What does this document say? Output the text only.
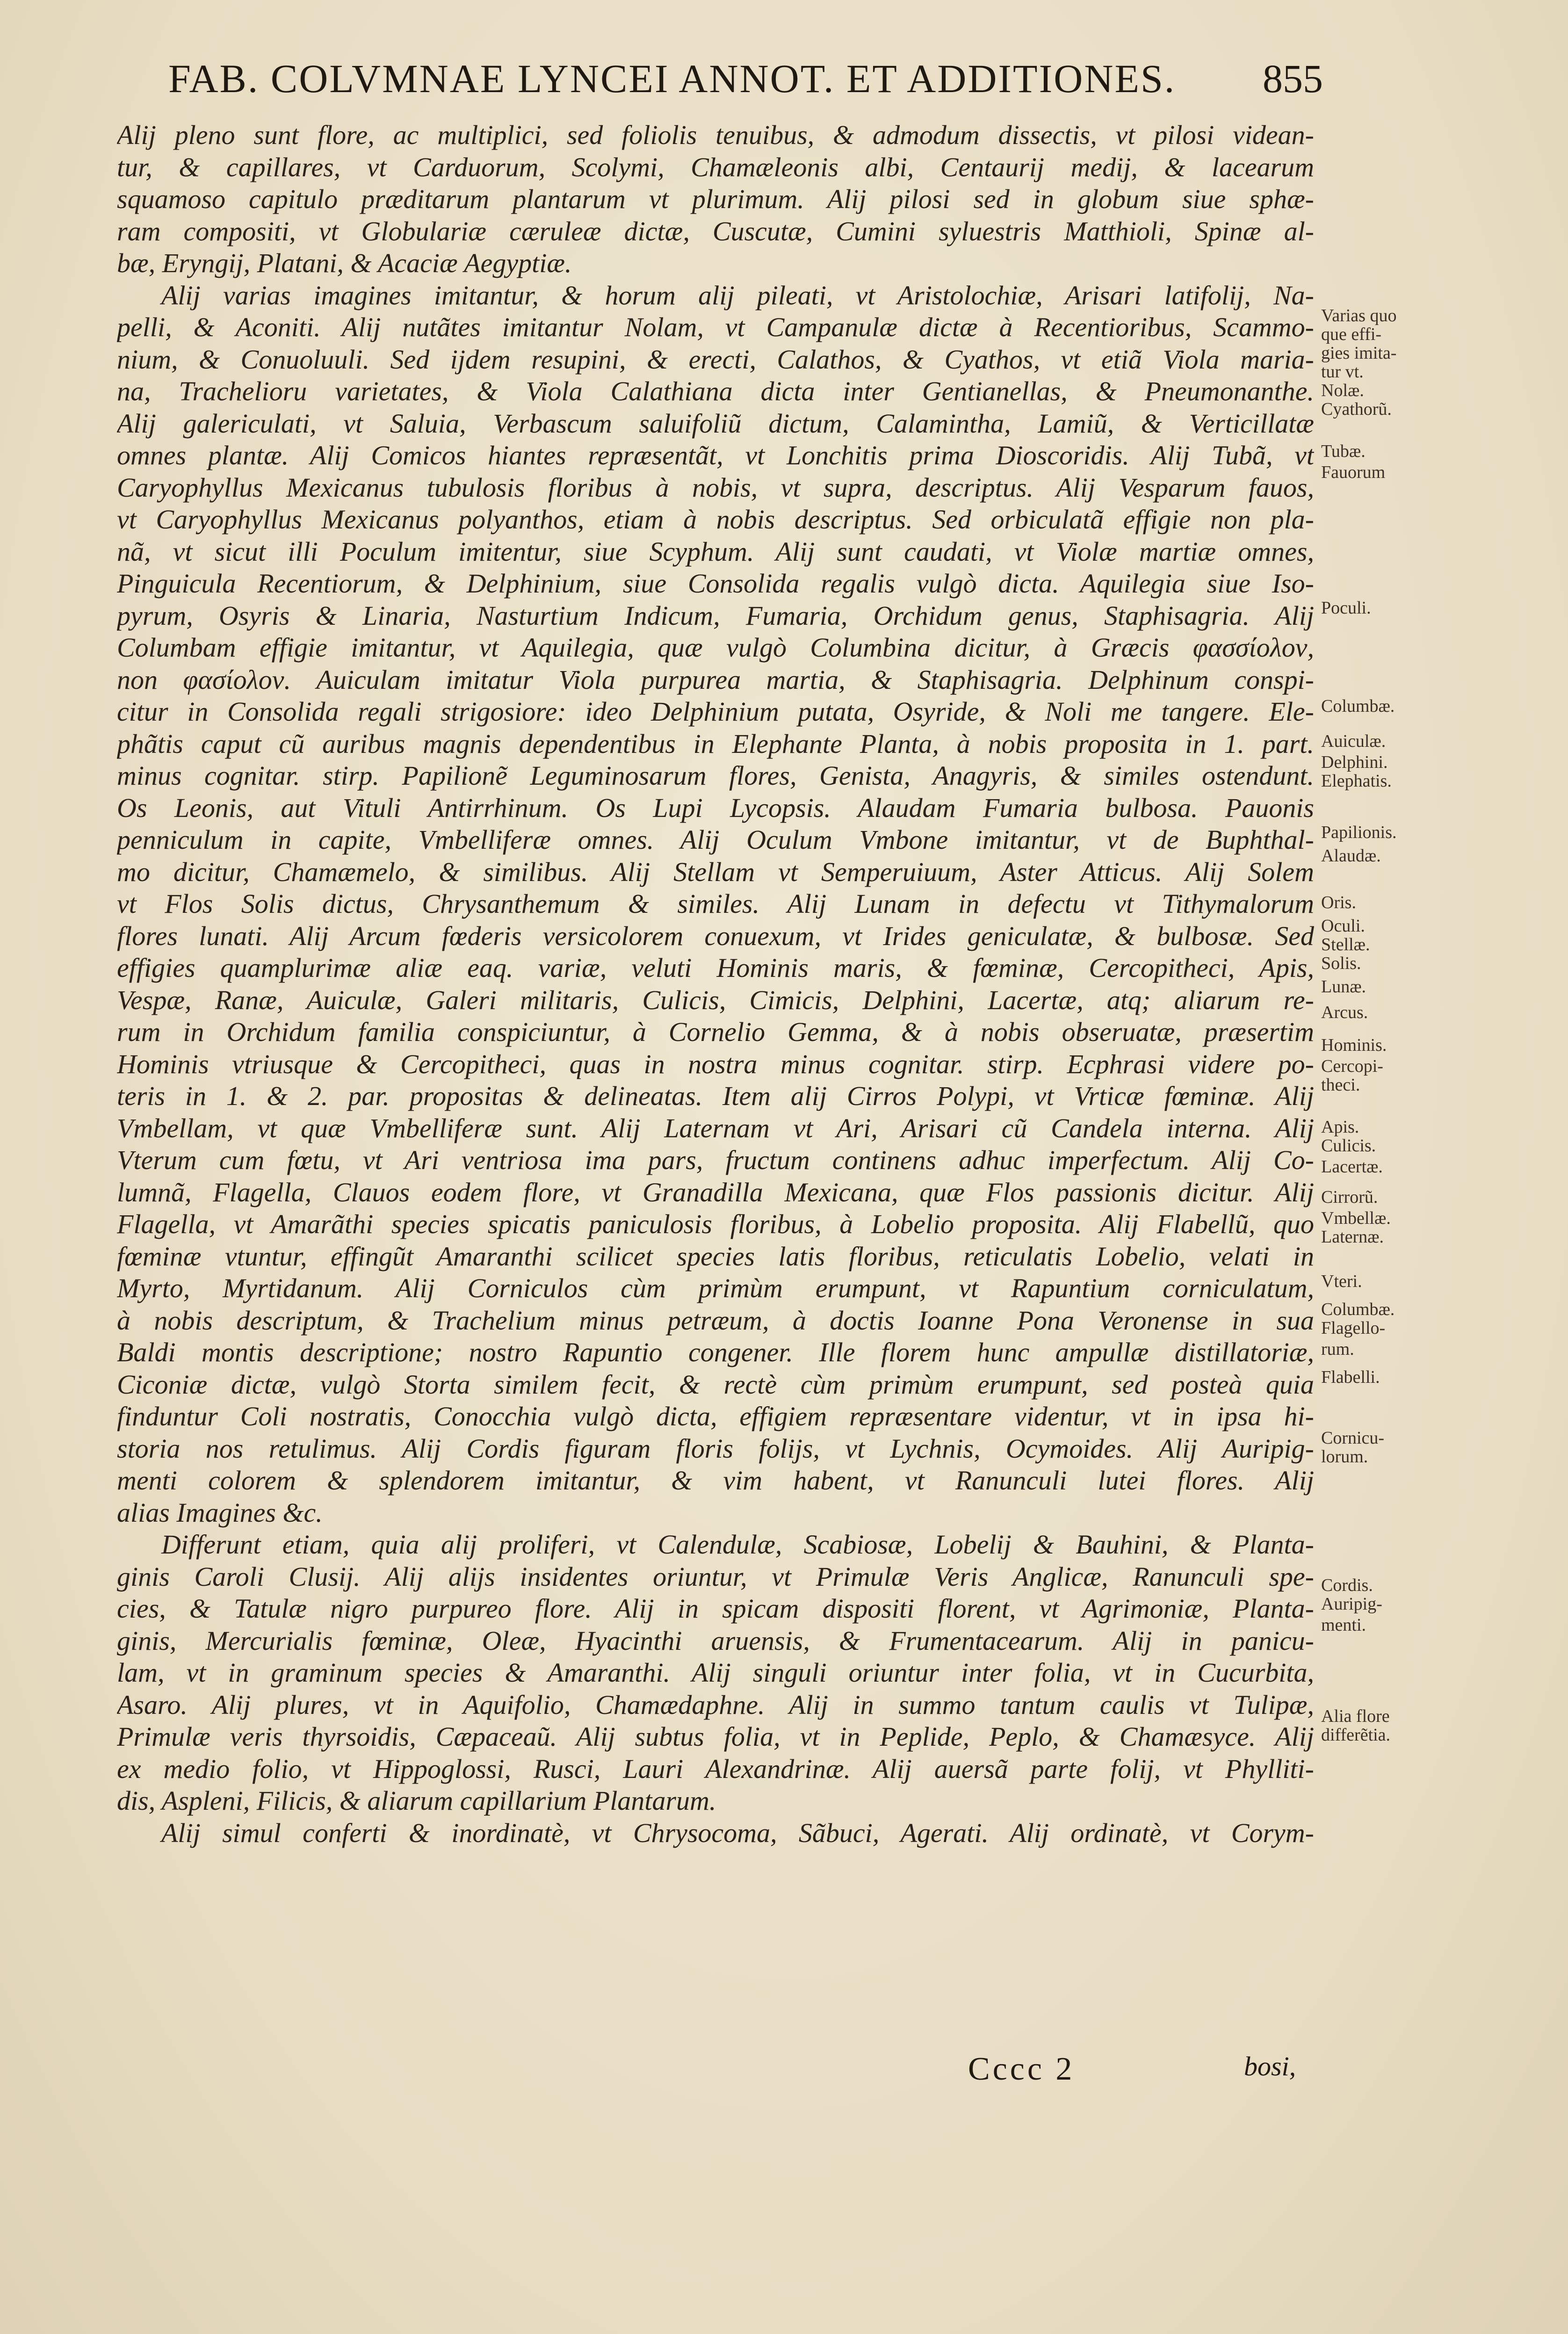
FAB. COLVMNAE LYNCEI ANNOT. ET ADDITIONES.	855
Alij pleno sunt flore, ac multiplici, sed foliolis tenuibus, & admodum dissectis, vt pilosi videan-
tur, & capillares, vt Carduorum, Scolymi, Chamæleonis albi, Centaurij medij, & lacearum
squamoso capitulo præditarum plantarum vt plurimum. Alij pilosi sed in globum siue sphæ-
ram compositi, vt Globulariæ cæruleæ dictæ, Cuscutæ, Cumini syluestris Matthioli, Spinæ al-
bæ, Eryngij, Platani, & Acaciæ Aegyptiæ.
Alij varias imagines imitantur, & horum alij pileati, vt Aristolochiæ, Arisari latifolij, Na-
pelli, & Aconiti. Alij nutãtes imitantur Nolam, vt Campanulæ dictæ à Recentioribus, Scammo-
nium, & Conuoluuli. Sed ijdem resupini, & erecti, Calathos, & Cyathos, vt etiã Viola maria-
na, Trachelioru varietates, & Viola Calathiana dicta inter Gentianellas, & Pneumonanthe.
Alij galericulati, vt Saluia, Verbascum saluifoliũ dictum, Calamintha, Lamiũ, & Verticillatæ
omnes plantæ. Alij Comicos hiantes repræsentãt, vt Lonchitis prima Dioscoridis. Alij Tubã, vt
Caryophyllus Mexicanus tubulosis floribus à nobis, vt supra, descriptus. Alij Vesparum fauos,
vt Caryophyllus Mexicanus polyanthos, etiam à nobis descriptus. Sed orbiculatã effigie non pla-
nã, vt sicut illi Poculum imitentur, siue Scyphum. Alij sunt caudati, vt Violæ martiæ omnes,
Pinguicula Recentiorum, & Delphinium, siue Consolida regalis vulgò dicta. Aquilegia siue Iso-
pyrum, Osyris & Linaria, Nasturtium Indicum, Fumaria, Orchidum genus, Staphisagria. Alij
Columbam effigie imitantur, vt Aquilegia, quæ vulgò Columbina dicitur, à Græcis φασσίολον,
non φασίολον. Auiculam imitatur Viola purpurea martia, & Staphisagria. Delphinum conspi-
citur in Consolida regali strigosiore: ideo Delphinium putata, Osyride, & Noli me tangere. Ele-
phãtis caput cũ auribus magnis dependentibus in Elephante Planta, à nobis proposita in 1. part.
minus cognitar. stirp. Papilionẽ Leguminosarum flores, Genista, Anagyris, & similes ostendunt.
Os Leonis, aut Vituli Antirrhinum. Os Lupi Lycopsis. Alaudam Fumaria bulbosa. Pauonis
penniculum in capite, Vmbelliferæ omnes. Alij Oculum Vmbone imitantur, vt de Buphthal-
mo dicitur, Chamæmelo, & similibus. Alij Stellam vt Semperuiuum, Aster Atticus. Alij Solem
vt Flos Solis dictus, Chrysanthemum & similes. Alij Lunam in defectu vt Tithymalorum
flores lunati. Alij Arcum fœderis versicolorem conuexum, vt Irides geniculatæ, & bulbosæ. Sed
effigies quamplurimæ aliæ eaq. variæ, veluti Hominis maris, & fœminæ, Cercopitheci, Apis,
Vespæ, Ranæ, Auiculæ, Galeri militaris, Culicis, Cimicis, Delphini, Lacertæ, atq; aliarum re-
rum in Orchidum familia conspiciuntur, à Cornelio Gemma, & à nobis obseruatæ, præsertim
Hominis vtriusque & Cercopitheci, quas in nostra minus cognitar. stirp. Ecphrasi videre po-
teris in 1. & 2. par. propositas & delineatas. Item alij Cirros Polypi, vt Vrticæ fœminæ. Alij
Vmbellam, vt quæ Vmbelliferæ sunt. Alij Laternam vt Ari, Arisari cũ Candela interna. Alij
Vterum cum fœtu, vt Ari ventriosa ima pars, fructum continens adhuc imperfectum. Alij Co-
lumnã, Flagella, Clauos eodem flore, vt Granadilla Mexicana, quæ Flos passionis dicitur. Alij
Flagella, vt Amarãthi species spicatis paniculosis floribus, à Lobelio proposita. Alij Flabellũ, quo
fœminæ vtuntur, effingũt Amaranthi scilicet species latis floribus, reticulatis Lobelio, velati in
Myrto, Myrtidanum. Alij Corniculos cùm primùm erumpunt, vt Rapuntium corniculatum,
à nobis descriptum, & Trachelium minus petræum, à doctis Ioanne Pona Veronense in sua
Baldi montis descriptione; nostro Rapuntio congener. Ille florem hunc ampullæ distillatoriæ,
Ciconiæ dictæ, vulgò Storta similem fecit, & rectè cùm primùm erumpunt, sed posteà quia
finduntur Coli nostratis, Conocchia vulgò dicta, effigiem repræsentare videntur, vt in ipsa hi-
storia nos retulimus. Alij Cordis figuram floris folijs, vt Lychnis, Ocymoides. Alij Auripig-
menti colorem & splendorem imitantur, & vim habent, vt Ranunculi lutei flores. Alij
alias Imagines &c.
Differunt etiam, quia alij proliferi, vt Calendulæ, Scabiosæ, Lobelij & Bauhini, & Planta-
ginis Caroli Clusij. Alij alijs insidentes oriuntur, vt Primulæ Veris Anglicæ, Ranunculi spe-
cies, & Tatulæ nigro purpureo flore. Alij in spicam dispositi florent, vt Agrimoniæ, Planta-
ginis, Mercurialis fœminæ, Oleæ, Hyacinthi aruensis, & Frumentacearum. Alij in panicu-
lam, vt in graminum species & Amaranthi. Alij singuli oriuntur inter folia, vt in Cucurbita,
Asaro. Alij plures, vt in Aquifolio, Chamædaphne. Alij in summo tantum caulis vt Tulipæ,
Primulæ veris thyrsoidis, Cæpaceaũ. Alij subtus folia, vt in Peplide, Peplo, & Chamæsyce. Alij
ex medio folio, vt Hippoglossi, Rusci, Lauri Alexandrinæ. Alij auersã parte folij, vt Phylliti-
dis, Aspleni, Filicis, & aliarum capillarium Plantarum.
Alij simul conferti & inordinatè, vt Chrysocoma, Sãbuci, Agerati. Alij ordinatè, vt Corym-
Varias quo
que effi-
gies imita-
tur vt.
Nolæ.
Cyathorũ.
Tubæ.
Fauorum
Poculi.
Columbæ.
Auiculæ.
Delphini.
Elephatis.
Papilionis.
Alaudæ.
Oris.
Oculi.
Stellæ.
Solis.
Lunæ.
Arcus.
Hominis.
Cercopi-
theci.
Apis.
Culicis.
Lacertæ.
Cirrorũ.
Vmbellæ.
Laternæ.
Vteri.
Columbæ.
Flagello-
rum.
Flabelli.
Cornicu-
lorum.
Cordis.
Auripig-
menti.
Alia flore
differẽtia.
Cccc 2	bosi,
